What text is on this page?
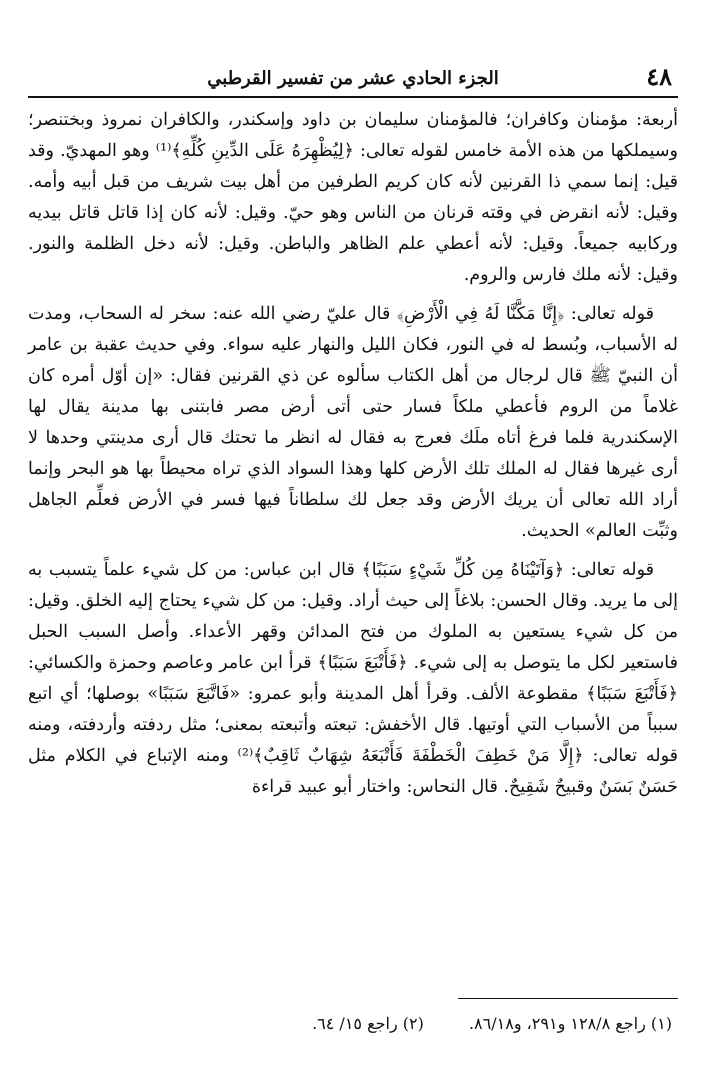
٤٨
الجزء الحادي عشر من تفسير القرطبي

أربعة: مؤمنان وكافران؛ فالمؤمنان سليمان بن داود وإسكندر، والكافران نمروذ وبختنصر؛ وسيملكها من هذه الأمة خامس لقوله تعالى: ﴿لِيُظْهِرَهُ عَلَى الدِّينِ كُلِّهِ﴾⁽¹⁾ وهو المهديّ. وقد قيل: إنما سمي ذا القرنين لأنه كان كريم الطرفين من أهل بيت شريف من قبل أبيه وأمه. وقيل: لأنه انقرض في وقته قرنان من الناس وهو حيّ. وقيل: لأنه كان إذا قاتل قاتل بيديه وركابيه جميعاً. وقيل: لأنه أعطي علم الظاهر والباطن. وقيل: لأنه دخل الظلمة والنور. وقيل: لأنه ملك فارس والروم.

قوله تعالى: ﴿إِنَّا مَكَّنَّا لَهُ فِي الْأَرْضِ﴾ قال عليّ رضي الله عنه: سخر له السحاب، ومدت له الأسباب، وبُسط له في النور، فكان الليل والنهار عليه سواء. وفي حديث عقبة بن عامر أن النبيّ ﷺ قال لرجال من أهل الكتاب سألوه عن ذي القرنين فقال: «إن أوّل أمره كان غلاماً من الروم فأعطي ملكاً فسار حتى أتى أرض مصر فابتنى بها مدينة يقال لها الإسكندرية فلما فرغ أتاه ملَك فعرج به فقال له انظر ما تحتك قال أرى مدينتي وحدها لا أرى غيرها فقال له الملك تلك الأرض كلها وهذا السواد الذي تراه محيطاً بها هو البحر وإنما أراد الله تعالى أن يريك الأرض وقد جعل لك سلطاناً فيها فسر في الأرض فعلِّم الجاهل وثبِّت العالم» الحديث.

قوله تعالى: ﴿وَآتَيْنَاهُ مِن كُلِّ شَيْءٍ سَبَبًا﴾ قال ابن عباس: من كل شيء علماً يتسبب به إلى ما يريد. وقال الحسن: بلاغاً إلى حيث أراد. وقيل: من كل شيء يحتاج إليه الخلق. وقيل: من كل شيء يستعين به الملوك من فتح المدائن وقهر الأعداء. وأصل السبب الحبل فاستعير لكل ما يتوصل به إلى شيء. ﴿فَأَتْبَعَ سَبَبًا﴾ قرأ ابن عامر وعاصم وحمزة والكسائي: ﴿فَأَتْبَعَ سَبَبًا﴾ مقطوعة الألف. وقرأ أهل المدينة وأبو عمرو: «فَاتَّبَعَ سَبَبًا» بوصلها؛ أي اتبع سبباً من الأسباب التي أوتيها. قال الأخفش: تبعته وأتبعته بمعنى؛ مثل ردفته وأردفته، ومنه قوله تعالى: ﴿إِلَّا مَنْ خَطِفَ الْخَطْفَةَ فَأَتْبَعَهُ شِهَابٌ ثَاقِبٌ﴾⁽²⁾ ومنه الإتباع في الكلام مثل حَسَنٌ بَسَنٌ وقبيحٌ شَقِيحٌ. قال النحاس: واختار أبو عبيد قراءة

(١) راجع ١٢٨/٨ و٢٩١، و٨٦/١٨. (٢) راجع ١٥/ ٦٤.
